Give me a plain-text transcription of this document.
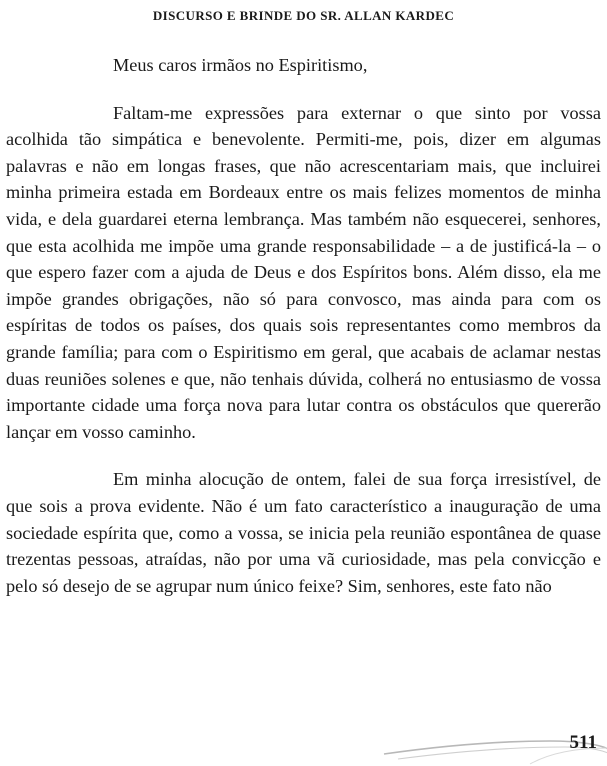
DISCURSO E BRINDE DO SR. ALLAN KARDEC

Meus caros irmãos no Espiritismo,

Faltam-me expressões para externar o que sinto por vossa acolhida tão simpática e benevolente. Permiti-me, pois, dizer em algumas palavras e não em longas frases, que não acrescentariam mais, que incluirei minha primeira estada em Bordeaux entre os mais felizes momentos de minha vida, e dela guardarei eterna lembrança. Mas também não esquecerei, senhores, que esta acolhida me impõe uma grande responsabilidade – a de justificá-la – o que espero fazer com a ajuda de Deus e dos Espíritos bons. Além disso, ela me impõe grandes obrigações, não só para convosco, mas ainda para com os espíritas de todos os países, dos quais sois representantes como membros da grande família; para com o Espiritismo em geral, que acabais de aclamar nestas duas reuniões solenes e que, não tenhais dúvida, colherá no entusiasmo de vossa importante cidade uma força nova para lutar contra os obstáculos que quererão lançar em vosso caminho.

Em minha alocução de ontem, falei de sua força irresistível, de que sois a prova evidente. Não é um fato característico a inauguração de uma sociedade espírita que, como a vossa, se inicia pela reunião espontânea de quase trezentas pessoas, atraídas, não por uma vã curiosidade, mas pela convicção e pelo só desejo de se agrupar num único feixe? Sim, senhores, este fato não

511
